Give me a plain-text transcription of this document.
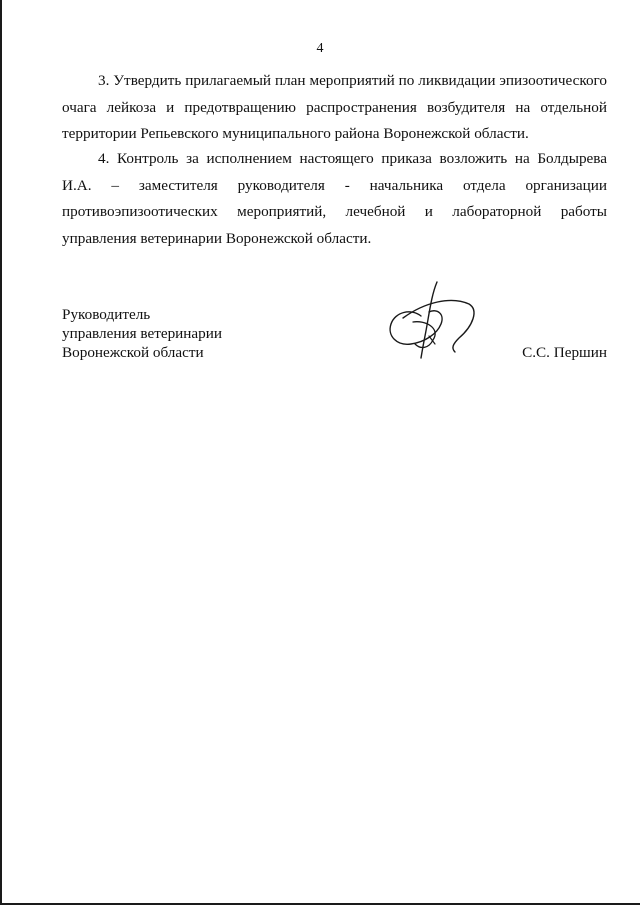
4

3. Утвердить прилагаемый план мероприятий по ликвидации эпизоотического очага лейкоза и предотвращению распространения возбудителя на отдельной территории Репьевского муниципального района Воронежской области.

4. Контроль за исполнением настоящего приказа возложить на Болдырева И.А. – заместителя руководителя - начальника отдела организации противоэпизоотических мероприятий, лечебной и лабораторной работы управления ветеринарии Воронежской области.

Руководитель
управления ветеринарии
Воронежской области	С.С. Першин
